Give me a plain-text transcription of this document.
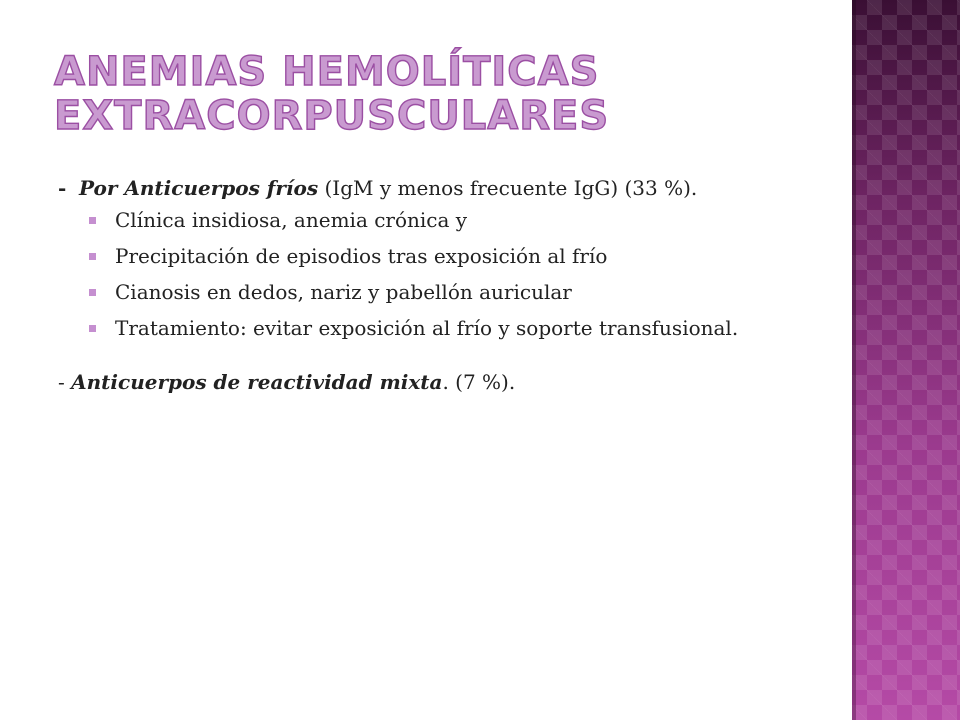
ANEMIAS HEMOLÍTICAS
EXTRACORPUSCULARES

- Por Anticuerpos fríos (IgM y menos frecuente IgG) (33 %).

Clínica insidiosa, anemia crónica y
Precipitación de episodios tras exposición al frío
Cianosis en dedos, nariz y pabellón auricular
Tratamiento: evitar exposición al frío y soporte transfusional.

- Anticuerpos de reactividad mixta. (7 %).
